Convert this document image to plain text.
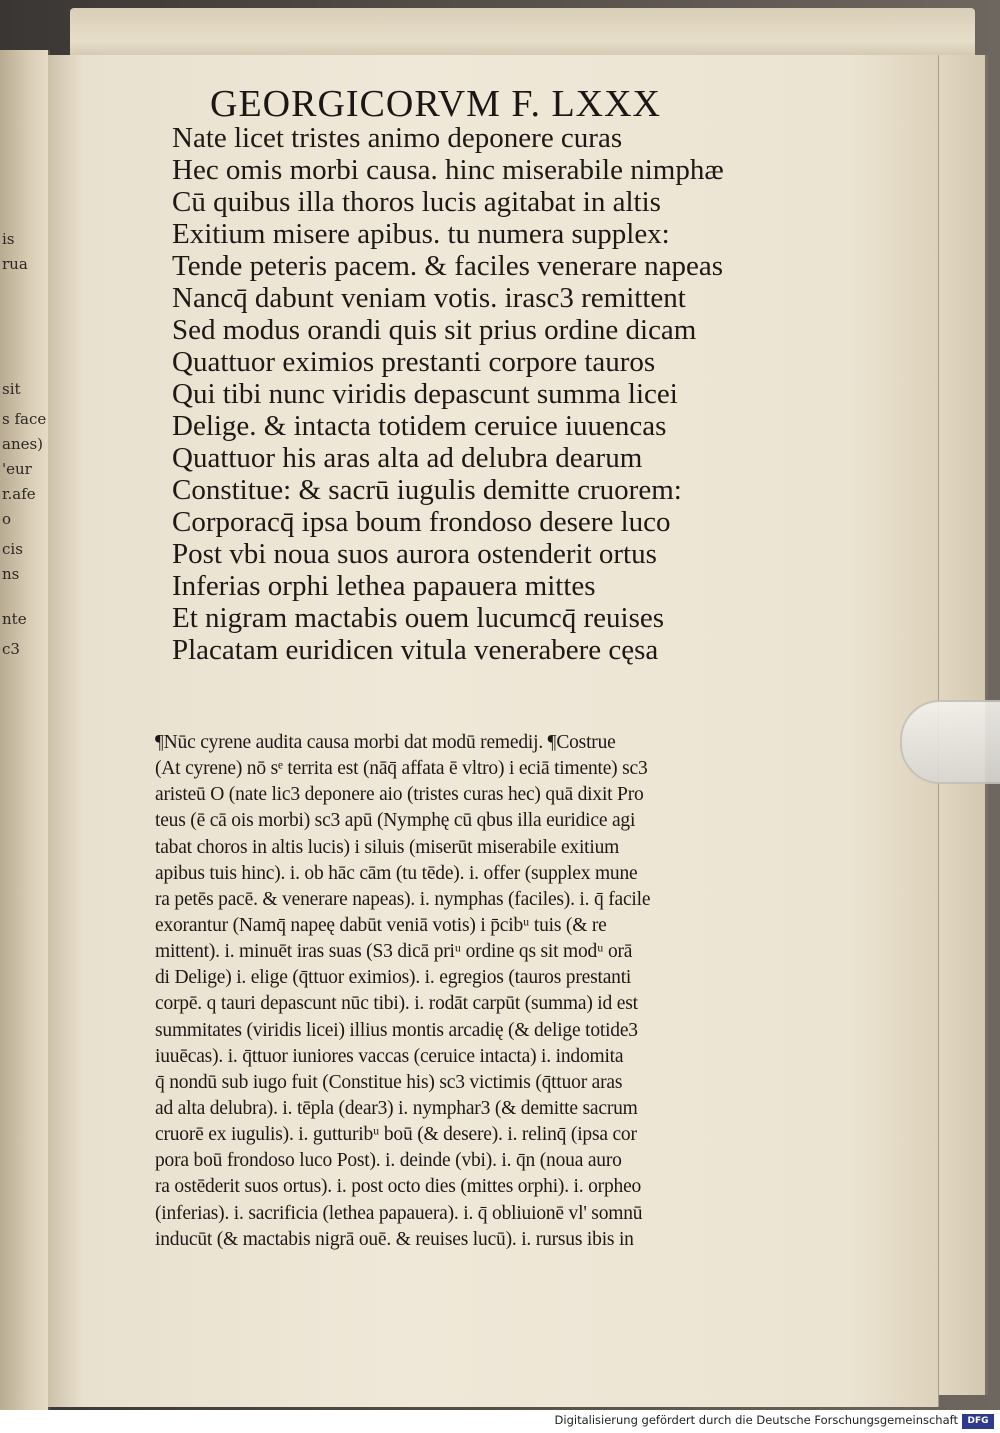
is
rua
sit
s face
anes)
'eur
r.afe
o
cis
ns
nte
c3
GEORGICORVM F. LXXX
Nate licet tristes animo deponere curas
Hec omis morbi causa. hinc miserabile nimphæ
Cū quibus illa thoros lucis agitabat in altis
Exitium misere apibus. tu numera supplex:
Tende peteris pacem. & faciles venerare napeas
Nancq̄ dabunt veniam votis. irasc3 remittent
Sed modus orandi quis sit prius ordine dicam
Quattuor eximios prestanti corpore tauros
Qui tibi nunc viridis depascunt summa licei
Delige. & intacta totidem ceruice iuuencas
Quattuor his aras alta ad delubra dearum
Constitue: & sacrū iugulis demitte cruorem:
Corporacq̄ ipsa boum frondoso desere luco
Post vbi noua suos aurora ostenderit ortus
Inferias orphi lethea papauera mittes
Et nigram mactabis ouem lucumcq̄ reuises
Placatam euridicen vitula venerabere cęsa
¶Nūc cyrene audita causa morbi dat modū remedij. ¶Costrue
(At cyrene) nō sᵉ territa est (nāq̄ affata ē vltro) i eciā timente) sc3
aristeū O (nate lic3 deponere aio (tristes curas hec) quā dixit Pro
teus (ē cā ois morbi) sc3 apū (Nymphę cū qbus illa euridice agi
tabat choros in altis lucis) i siluis (miserūt miserabile exitium
apibus tuis hinc). i. ob hāc cām (tu tēde). i. offer (supplex mune
ra petēs pacē. & venerare napeas). i. nymphas (faciles). i. q̄ facile
exorantur (Namq̄ napeę dabūt veniā votis) i p̄cibᵘ tuis (& re
mittent). i. minuēt iras suas (S3 dicā priᵘ ordine qs sit modᵘ orā
di Delige) i. elige (q̄ttuor eximios). i. egregios (tauros prestanti
corpē. q tauri depascunt nūc tibi). i. rodāt carpūt (summa) id est
summitates (viridis licei) illius montis arcadię (& delige totide3
iuuēcas). i. q̄ttuor iuniores vaccas (ceruice intacta) i. indomita
q̄ nondū sub iugo fuit (Constitue his) sc3 victimis (q̄ttuor aras
ad alta delubra). i. tēpla (dear3) i. nymphar3 (& demitte sacrum
cruorē ex iugulis). i. gutturibᵘ boū (& desere). i. relinq̄ (ipsa cor
pora boū frondoso luco Post). i. deinde (vbi). i. q̄n (noua auro
ra ostēderit suos ortus). i. post octo dies (mittes orphi). i. orpheo
(inferias). i. sacrificia (lethea papauera). i. q̄ obliuionē vl' somnū
inducūt (& mactabis nigrā ouē. & reuises lucū). i. rursus ibis in
Digitalisierung gefördert durch die Deutsche Forschungsgemeinschaft	DFG
